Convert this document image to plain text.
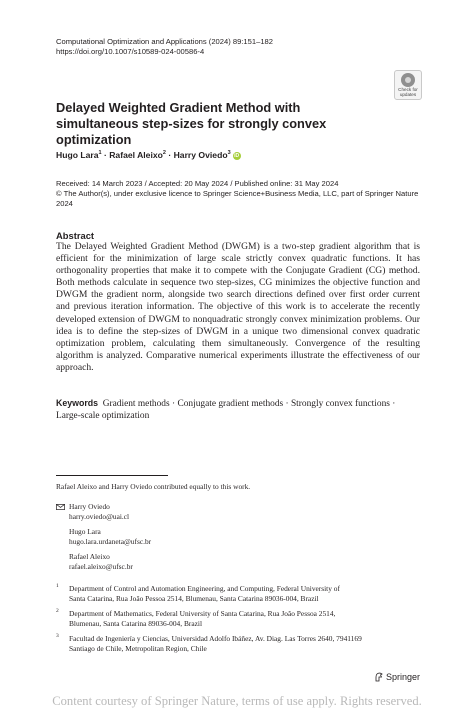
Computational Optimization and Applications (2024) 89:151–182
https://doi.org/10.1007/s10589-024-00586-4
Check for
updates
Delayed Weighted Gradient Method with simultaneous step-sizes for strongly convex optimization
Hugo Lara$^1$ · Rafael Aleixo$^2$ · Harry Oviedo$^3$ iD
Received: 14 March 2023 / Accepted: 20 May 2024 / Published online: 31 May 2024
© The Author(s), under exclusive licence to Springer Science+Business Media, LLC, part of Springer Nature 2024
Abstract
The Delayed Weighted Gradient Method (DWGM) is a two-step gradient algorithm that is efficient for the minimization of large scale strictly convex quadratic functions. It has orthogonality properties that make it to compete with the Conjugate Gradient (CG) method. Both methods calculate in sequence two step-sizes, CG minimizes the objective function and DWGM the gradient norm, alongside two search directions defined over first order current and previous iteration information. The objective of this work is to accelerate the recently developed extension of DWGM to nonquadratic strongly convex minimization problems. Our idea is to define the step-sizes of DWGM in a unique two dimensional convex quadratic optimization problem, calculating them simultaneously. Convergence of the resulting algorithm is analyzed. Comparative numerical experiments illustrate the effectiveness of our approach.
Keywords Gradient methods · Conjugate gradient methods · Strongly convex functions · Large-scale optimization
Rafael Aleixo and Harry Oviedo contributed equally to this work.
Harry Oviedo
harry.oviedo@uai.cl
Hugo Lara
hugo.lara.urdaneta@ufsc.br
Rafael Aleixo
rafael.aleixo@ufsc.br
1 Department of Control and Automation Engineering, and Computing, Federal University of
Santa Catarina, Rua João Pessoa 2514, Blumenau, Santa Catarina 89036-004, Brazil
2 Department of Mathematics, Federal University of Santa Catarina, Rua João Pessoa 2514,
Blumenau, Santa Catarina 89036-004, Brazil
3 Facultad de Ingeniería y Ciencias, Universidad Adolfo Ibáñez, Av. Diag. Las Torres 2640, 7941169
Santiago de Chile, Metropolitan Region, Chile
Springer
Content courtesy of Springer Nature, terms of use apply. Rights reserved.
